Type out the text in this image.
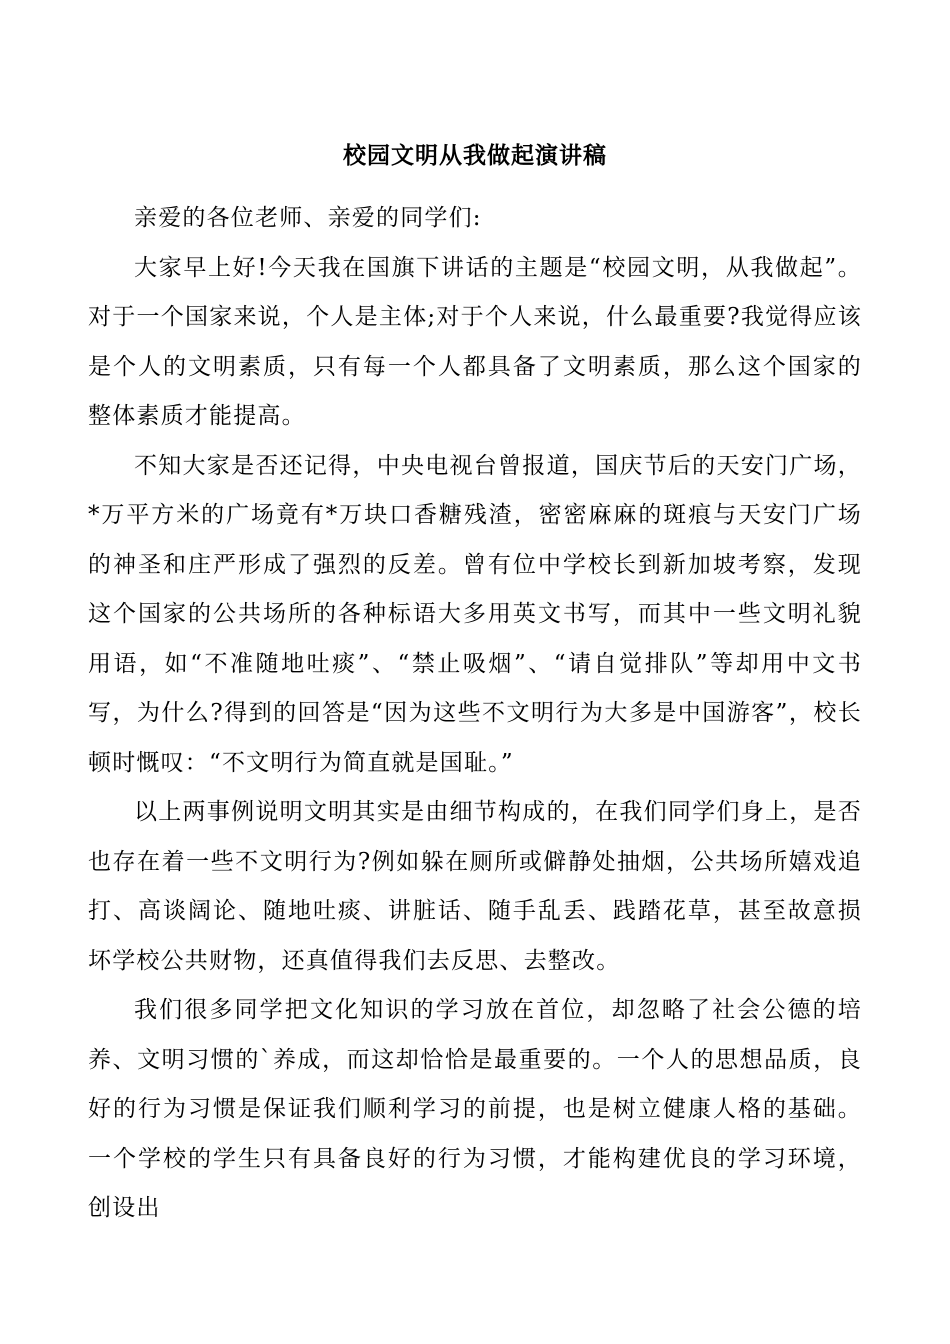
校园文明从我做起演讲稿

亲爱的各位老师、亲爱的同学们:

大家早上好!今天我在国旗下讲话的主题是“校园文明，从我做起”。对于一个国家来说，个人是主体;对于个人来说，什么最重要?我觉得应该是个人的文明素质，只有每一个人都具备了文明素质，那么这个国家的整体素质才能提高。

不知大家是否还记得，中央电视台曾报道，国庆节后的天安门广场，*万平方米的广场竟有*万块口香糖残渣，密密麻麻的斑痕与天安门广场的神圣和庄严形成了强烈的反差。曾有位中学校长到新加坡考察，发现这个国家的公共场所的各种标语大多用英文书写，而其中一些文明礼貌用语，如“不准随地吐痰”、“禁止吸烟”、“请自觉排队”等却用中文书写，为什么?得到的回答是“因为这些不文明行为大多是中国游客”，校长顿时慨叹：“不文明行为简直就是国耻。”

以上两事例说明文明其实是由细节构成的，在我们同学们身上，是否也存在着一些不文明行为?例如躲在厕所或僻静处抽烟，公共场所嬉戏追打、高谈阔论、随地吐痰、讲脏话、随手乱丢、践踏花草，甚至故意损坏学校公共财物，还真值得我们去反思、去整改。

我们很多同学把文化知识的学习放在首位，却忽略了社会公德的培养、文明习惯的`养成，而这却恰恰是最重要的。一个人的思想品质，良好的行为习惯是保证我们顺利学习的前提，也是树立健康人格的基础。一个学校的学生只有具备良好的行为习惯，才能构建优良的学习环境，创设出
